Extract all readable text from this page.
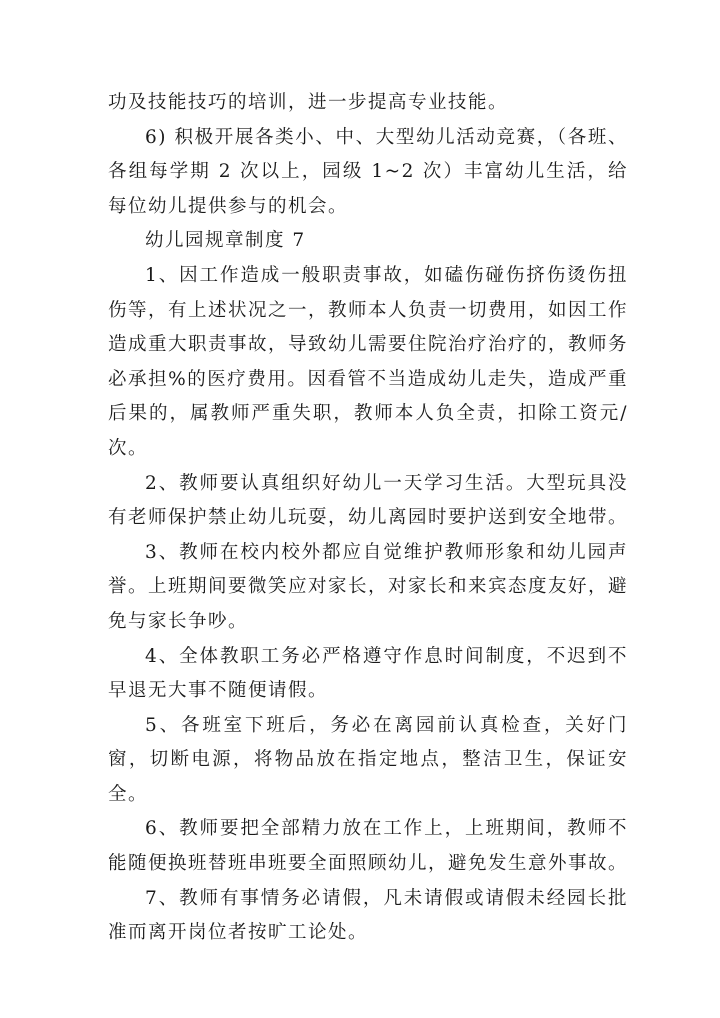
功及技能技巧的培训，进一步提高专业技能。

6) 积极开展各类小、中、大型幼儿活动竞赛，（各班、各组每学期 2 次以上，园级 1~2 次）丰富幼儿生活，给每位幼儿提供参与的机会。

幼儿园规章制度 7

1、因工作造成一般职责事故，如磕伤碰伤挤伤烫伤扭伤等，有上述状况之一，教师本人负责一切费用，如因工作造成重大职责事故，导致幼儿需要住院治疗治疗的，教师务必承担%的医疗费用。因看管不当造成幼儿走失，造成严重后果的，属教师严重失职，教师本人负全责，扣除工资元/次。

2、教师要认真组织好幼儿一天学习生活。大型玩具没有老师保护禁止幼儿玩耍，幼儿离园时要护送到安全地带。

3、教师在校内校外都应自觉维护教师形象和幼儿园声誉。上班期间要微笑应对家长，对家长和来宾态度友好，避免与家长争吵。

4、全体教职工务必严格遵守作息时间制度，不迟到不早退无大事不随便请假。

5、各班室下班后，务必在离园前认真检查，关好门窗，切断电源，将物品放在指定地点，整洁卫生，保证安全。

6、教师要把全部精力放在工作上，上班期间，教师不能随便换班替班串班要全面照顾幼儿，避免发生意外事故。

7、教师有事情务必请假，凡未请假或请假未经园长批准而离开岗位者按旷工论处。
